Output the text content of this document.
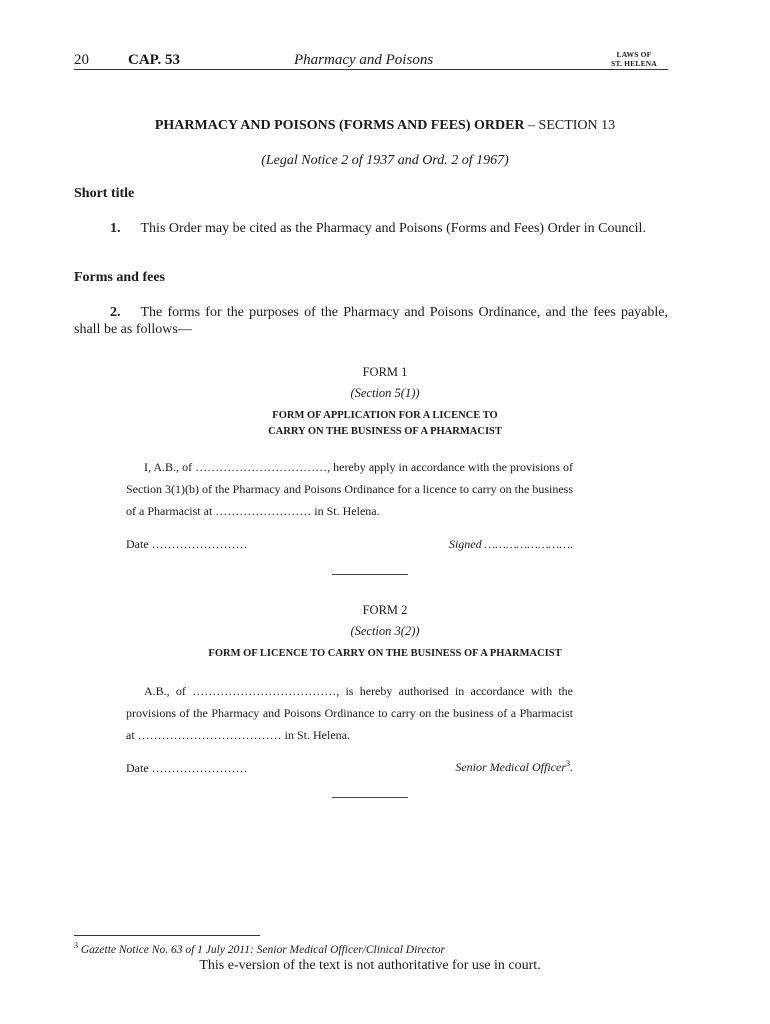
20	CAP. 53	Pharmacy and Poisons	LAWS OF
ST. HELENA
PHARMACY AND POISONS (FORMS AND FEES) ORDER – SECTION 13
(Legal Notice 2 of 1937 and Ord. 2 of 1967)
Short title
1. This Order may be cited as the Pharmacy and Poisons (Forms and Fees) Order in Council.
Forms and fees
2. The forms for the purposes of the Pharmacy and Poisons Ordinance, and the fees payable, shall be as follows—
FORM 1
(Section 5(1))
FORM OF APPLICATION FOR A LICENCE TO
CARRY ON THE BUSINESS OF A PHARMACIST
I, A.B., of ……………………………, hereby apply in accordance with the provisions of Section 3(1)(b) of the Pharmacy and Poisons Ordinance for a licence to carry on the business of a Pharmacist at …………………… in St. Helena.
Date ……………………	Signed …………………….
FORM 2
(Section 3(2))
FORM OF LICENCE TO CARRY ON THE BUSINESS OF A PHARMACIST
A.B., of ………………………………, is hereby authorised in accordance with the provisions of the Pharmacy and Poisons Ordinance to carry on the business of a Pharmacist at ……………………………… in St. Helena.
Date ……………………	Senior Medical Officer$^3$.
$^3$ Gazette Notice No. 63 of 1 July 2011: Senior Medical Officer/Clinical Director
This e-version of the text is not authoritative for use in court.
